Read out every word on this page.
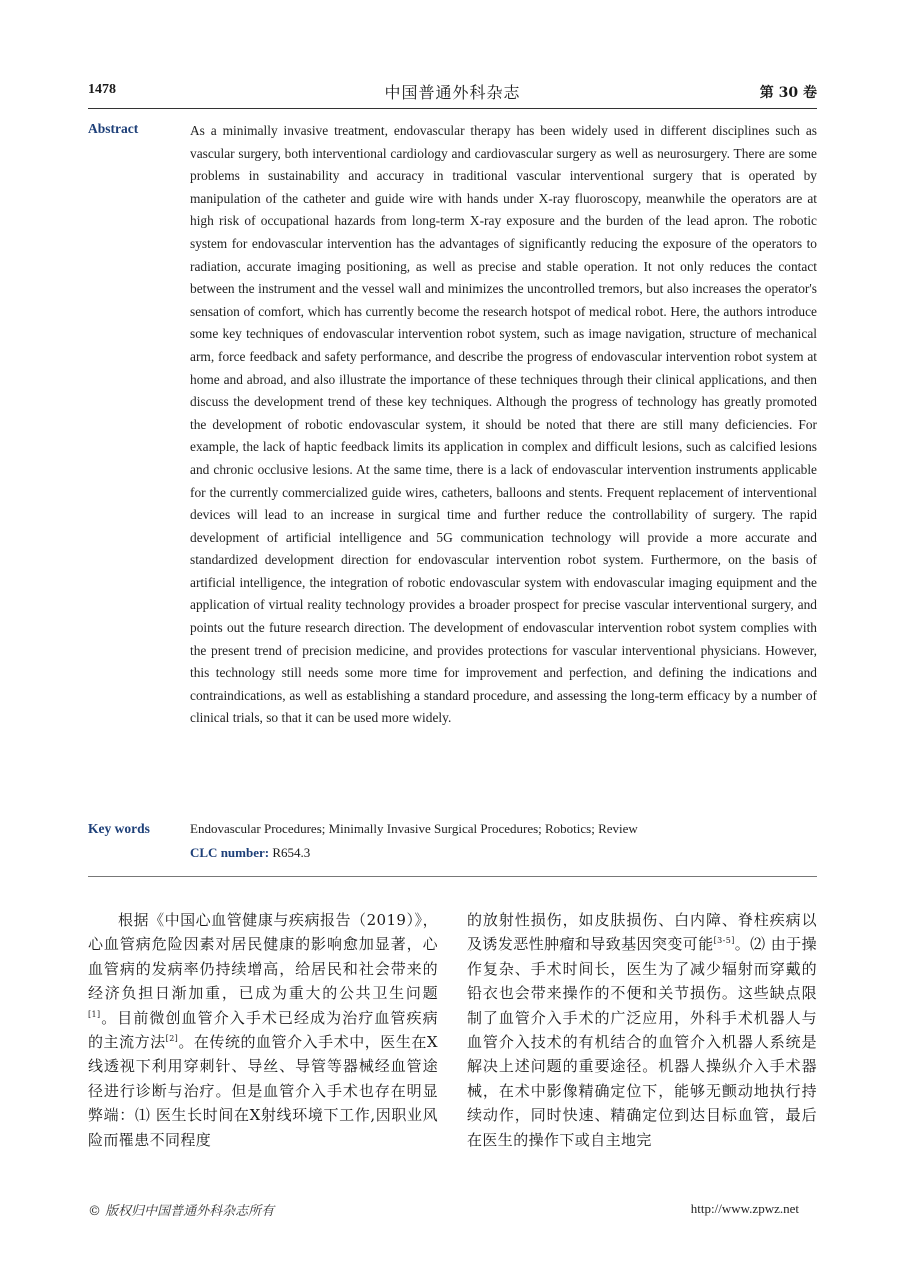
1478	中国普通外科杂志	第 30 卷
Abstract	As a minimally invasive treatment, endovascular therapy has been widely used in different disciplines such as vascular surgery, both interventional cardiology and cardiovascular surgery as well as neurosurgery. There are some problems in sustainability and accuracy in traditional vascular interventional surgery that is operated by manipulation of the catheter and guide wire with hands under X-ray fluoroscopy, meanwhile the operators are at high risk of occupational hazards from long-term X-ray exposure and the burden of the lead apron. The robotic system for endovascular intervention has the advantages of significantly reducing the exposure of the operators to radiation, accurate imaging positioning, as well as precise and stable operation. It not only reduces the contact between the instrument and the vessel wall and minimizes the uncontrolled tremors, but also increases the operator's sensation of comfort, which has currently become the research hotspot of medical robot. Here, the authors introduce some key techniques of endovascular intervention robot system, such as image navigation, structure of mechanical arm, force feedback and safety performance, and describe the progress of endovascular intervention robot system at home and abroad, and also illustrate the importance of these techniques through their clinical applications, and then discuss the development trend of these key techniques. Although the progress of technology has greatly promoted the development of robotic endovascular system, it should be noted that there are still many deficiencies. For example, the lack of haptic feedback limits its application in complex and difficult lesions, such as calcified lesions and chronic occlusive lesions. At the same time, there is a lack of endovascular intervention instruments applicable for the currently commercialized guide wires, catheters, balloons and stents. Frequent replacement of interventional devices will lead to an increase in surgical time and further reduce the controllability of surgery. The rapid development of artificial intelligence and 5G communication technology will provide a more accurate and standardized development direction for endovascular intervention robot system. Furthermore, on the basis of artificial intelligence, the integration of robotic endovascular system with endovascular imaging equipment and the application of virtual reality technology provides a broader prospect for precise vascular interventional surgery, and points out the future research direction. The development of endovascular intervention robot system complies with the present trend of precision medicine, and provides protections for vascular interventional physicians. However, this technology still needs some more time for improvement and perfection, and defining the indications and contraindications, as well as establishing a standard procedure, and assessing the long-term efficacy by a number of clinical trials, so that it can be used more widely.

Key words	Endovascular Procedures; Minimally Invasive Surgical Procedures; Robotics; Review
CLC number: R654.3

根据《中国心血管健康与疾病报告（2019）》，心血管病危险因素对居民健康的影响愈加显著，心血管病的发病率仍持续增高，给居民和社会带来的经济负担日渐加重，已成为重大的公共卫生问题[1]。目前微创血管介入手术已经成为治疗血管疾病的主流方法[2]。在传统的血管介入手术中，医生在X线透视下利用穿刺针、导丝、导管等器械经血管途径进行诊断与治疗。但是血管介入手术也存在明显弊端：⑴ 医生长时间在X射线环境下工作,因职业风险而罹患不同程度

的放射性损伤，如皮肤损伤、白内障、脊柱疾病以及诱发恶性肿瘤和导致基因突变可能[3-5]。⑵ 由于操作复杂、手术时间长，医生为了减少辐射而穿戴的铅衣也会带来操作的不便和关节损伤。这些缺点限制了血管介入手术的广泛应用，外科手术机器人与血管介入技术的有机结合的血管介入机器人系统是解决上述问题的重要途径。机器人操纵介入手术器械，在术中影像精确定位下，能够无颤动地执行持续动作，同时快速、精确定位到达目标血管，最后在医生的操作下或自主地完

© 版权归中国普通外科杂志所有	http://www.zpwz.net
